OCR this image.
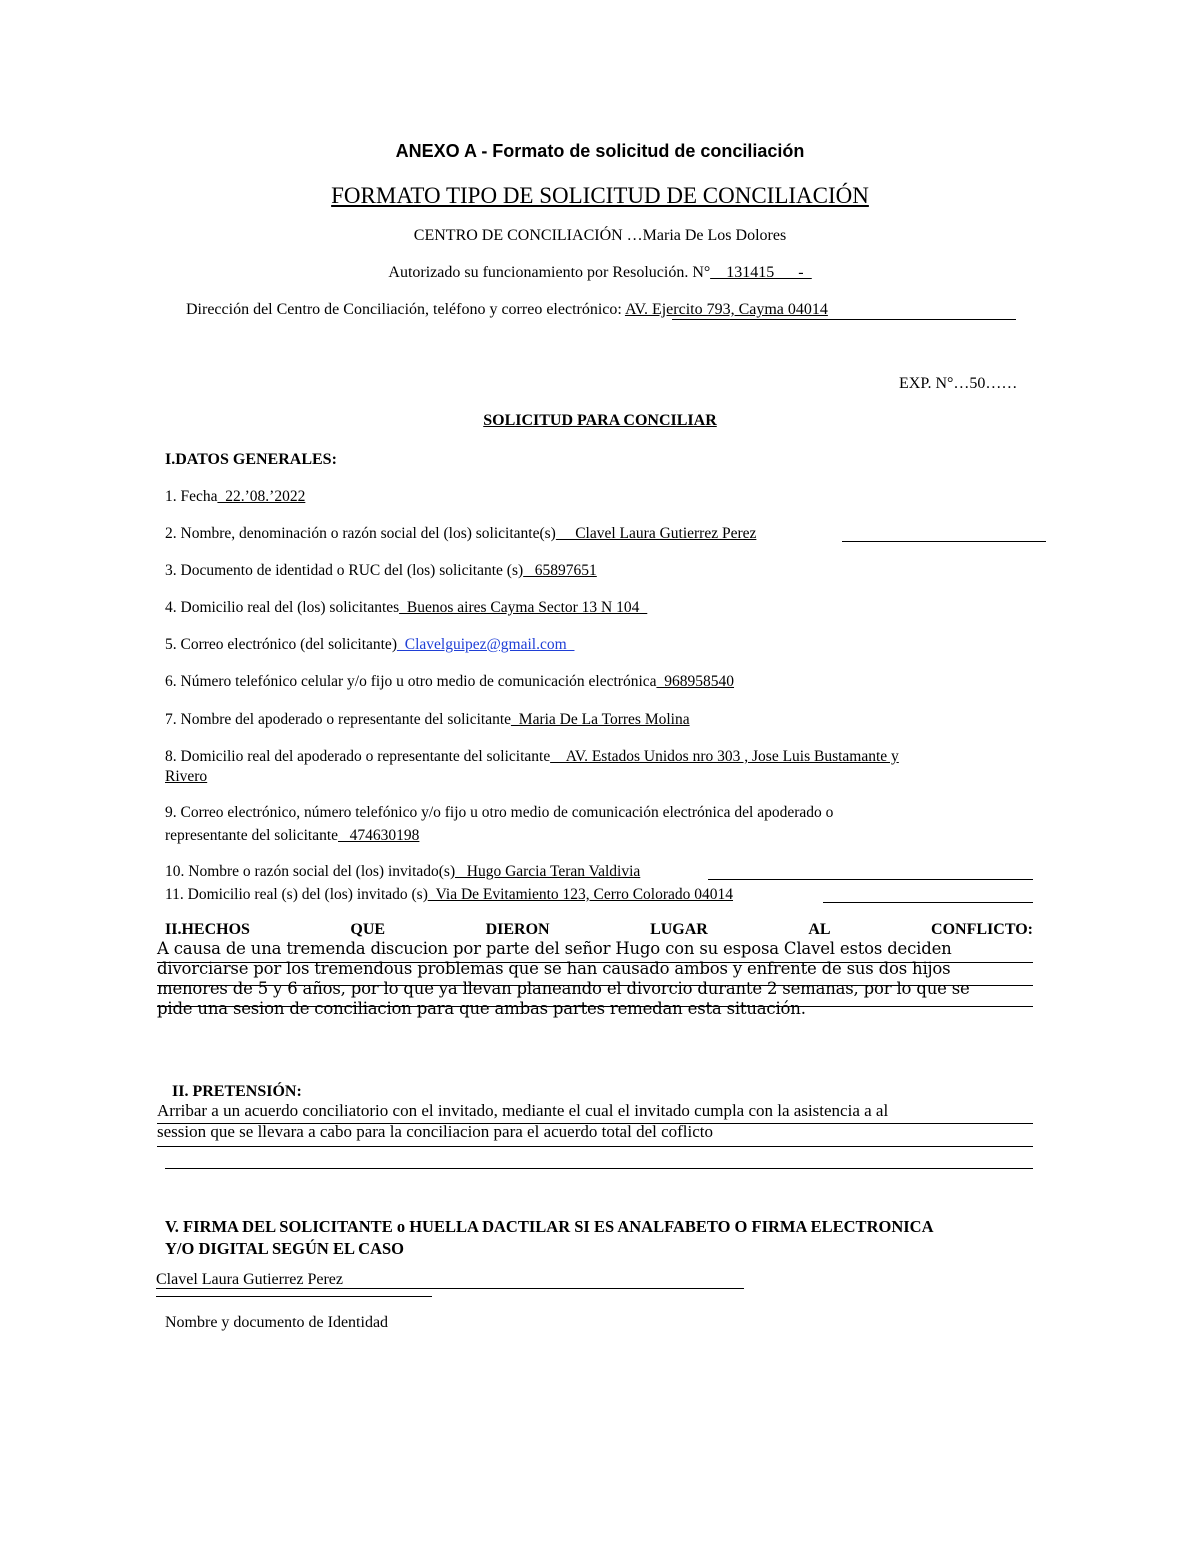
ANEXO A - Formato de solicitud de conciliación
FORMATO TIPO DE SOLICITUD DE CONCILIACIÓN
CENTRO DE CONCILIACIÓN …Maria De Los Dolores
Autorizado su funcionamiento por Resolución. N°__131415___-_
Dirección del Centro de Conciliación, teléfono y correo electrónico: AV. Ejercito 793, Cayma 04014
EXP. N°…50……
SOLICITUD PARA CONCILIAR
I.DATOS GENERALES:
1. Fecha_22.’08.’2022
2. Nombre, denominación o razón social del (los) solicitante(s) __Clavel Laura Gutierrez Perez
3. Documento de identidad o RUC del (los) solicitante (s) _65897651
4. Domicilio real del (los) solicitantes_Buenos aires Cayma Sector 13 N 104_
5. Correo electrónico (del solicitante)_Clavelguipez@gmail.com_
6. Número telefónico celular y/o fijo u otro medio de comunicación electrónica_968958540
7. Nombre del apoderado o representante del solicitante_Maria De La Torres Molina
8. Domicilio real del apoderado o representante del solicitante__AV. Estados Unidos nro 303 , Jose Luis Bustamante y
Rivero
9. Correo electrónico, número telefónico y/o fijo u otro medio de comunicación electrónica del apoderado o
representante del solicitante _474630198
10. Nombre o razón social del (los) invitado(s)_ Hugo Garcia Teran Valdivia
11. Domicilio real (s) del (los) invitado (s)_Via De Evitamiento 123, Cerro Colorado 04014
II.HECHOS	QUE	DIERON	LUGAR	AL	CONFLICTO:
A causa de una tremenda discucion por parte del señor Hugo con su esposa Clavel estos deciden
divorciarse por los tremendous problemas que se han causado ambos y enfrente de sus dos hijos
menores de 5 y 6 años, por lo que ya llevan planeando el divorcio durante 2 semanas, por lo que se
pide una sesion de conciliacion para que ambas partes remedan esta situación.
II. PRETENSIÓN:
Arribar a un acuerdo conciliatorio con el invitado, mediante el cual el invitado cumpla con la asistencia a al
session que se llevara a cabo para la conciliacion para el acuerdo total del coflicto
V. FIRMA DEL SOLICITANTE o HUELLA DACTILAR SI ES ANALFABETO O FIRMA ELECTRONICA
Y/O DIGITAL SEGÚN EL CASO
Clavel Laura Gutierrez Perez
Nombre y documento de Identidad
